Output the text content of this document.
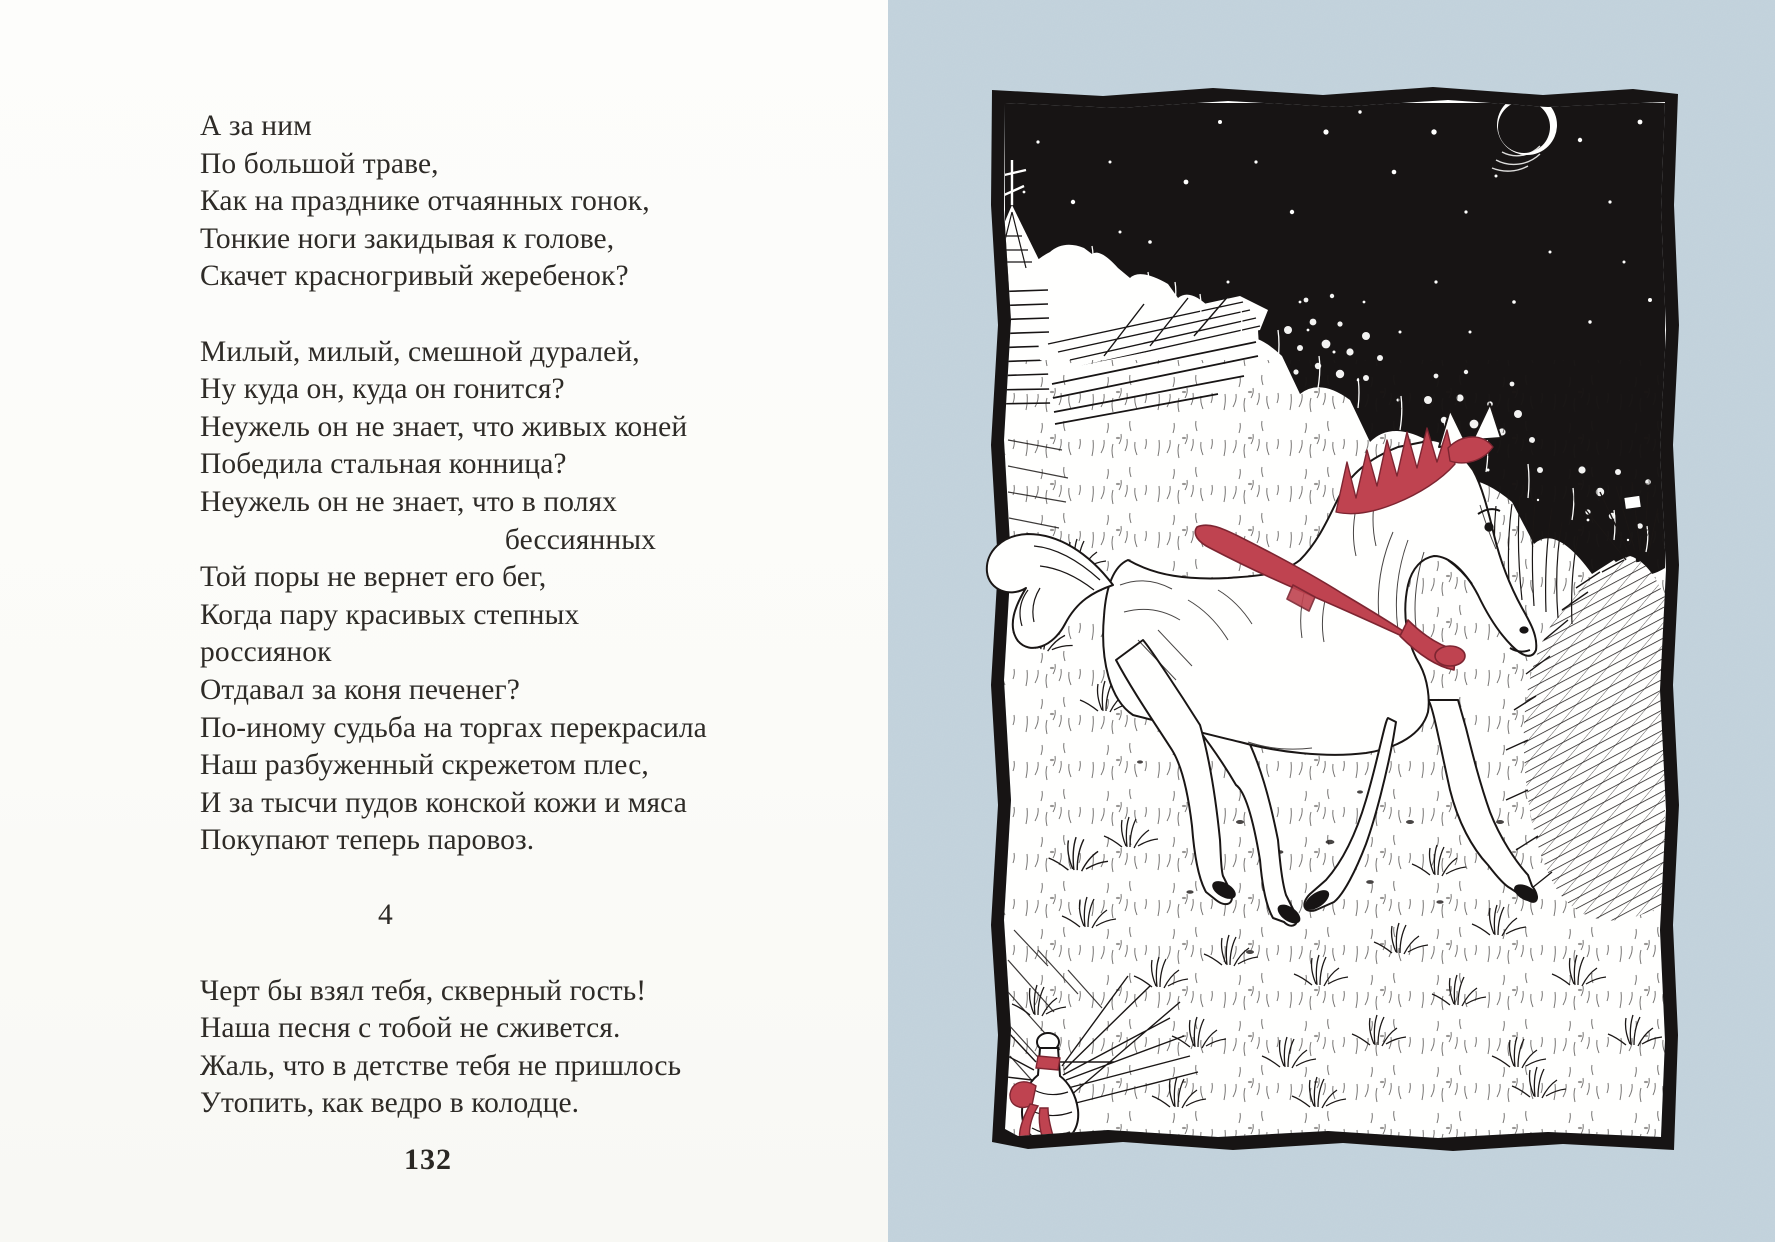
А за ним
По большой траве,
Как на празднике отчаянных гонок,
Тонкие ноги закидывая к голове,
Скачет красногривый жеребенок?
Милый, милый, смешной дуралей,
Ну куда он, куда он гонится?
Неужель он не знает, что живых коней
Победила стальная конница?
Неужель он не знает, что в полях
бессиянных
Той поры не вернет его бег,
Когда пару красивых степных
россиянок
Отдавал за коня печенег?
По-иному судьба на торгах перекрасила
Наш разбуженный скрежетом плес,
И за тысчи пудов конской кожи и мяса
Покупают теперь паровоз.
4
Черт бы взял тебя, скверный гость!
Наша песня с тобой не сживется.
Жаль, что в детстве тебя не пришлось
Утопить, как ведро в колодце.
132
